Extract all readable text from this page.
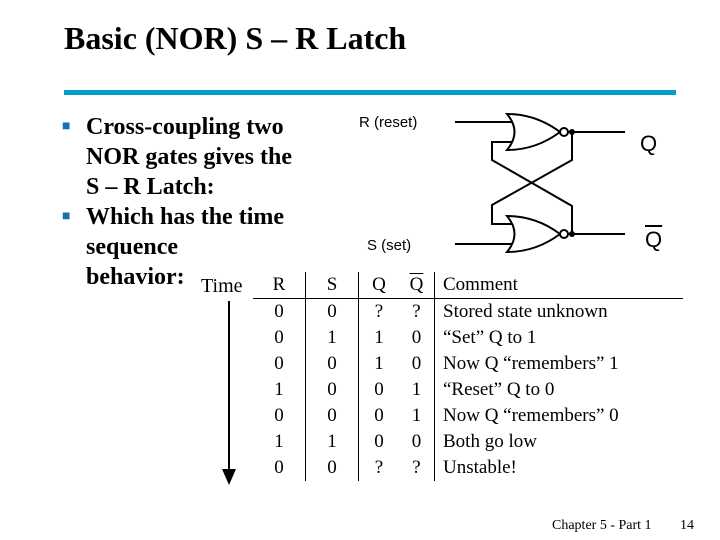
Basic (NOR) S – R Latch
■ Cross-coupling two
NOR gates gives the
S – R Latch:
■ Which has the time
sequence
behavior:
R (reset)
S (set)
Q
$\overline{Q}$
Time R	S	Q	$\overline{Q}$	Comment
0	0	?	?	Stored state unknown
0	1	1	0	“Set” Q to 1
0	0	1	0	Now Q “remembers” 1
1	0	0	1	“Reset” Q to 0
0	0	0	1	Now Q “remembers” 0
1	1	0	0	Both go low
0	0	?	?	Unstable!
Chapter 5 - Part 1 14
